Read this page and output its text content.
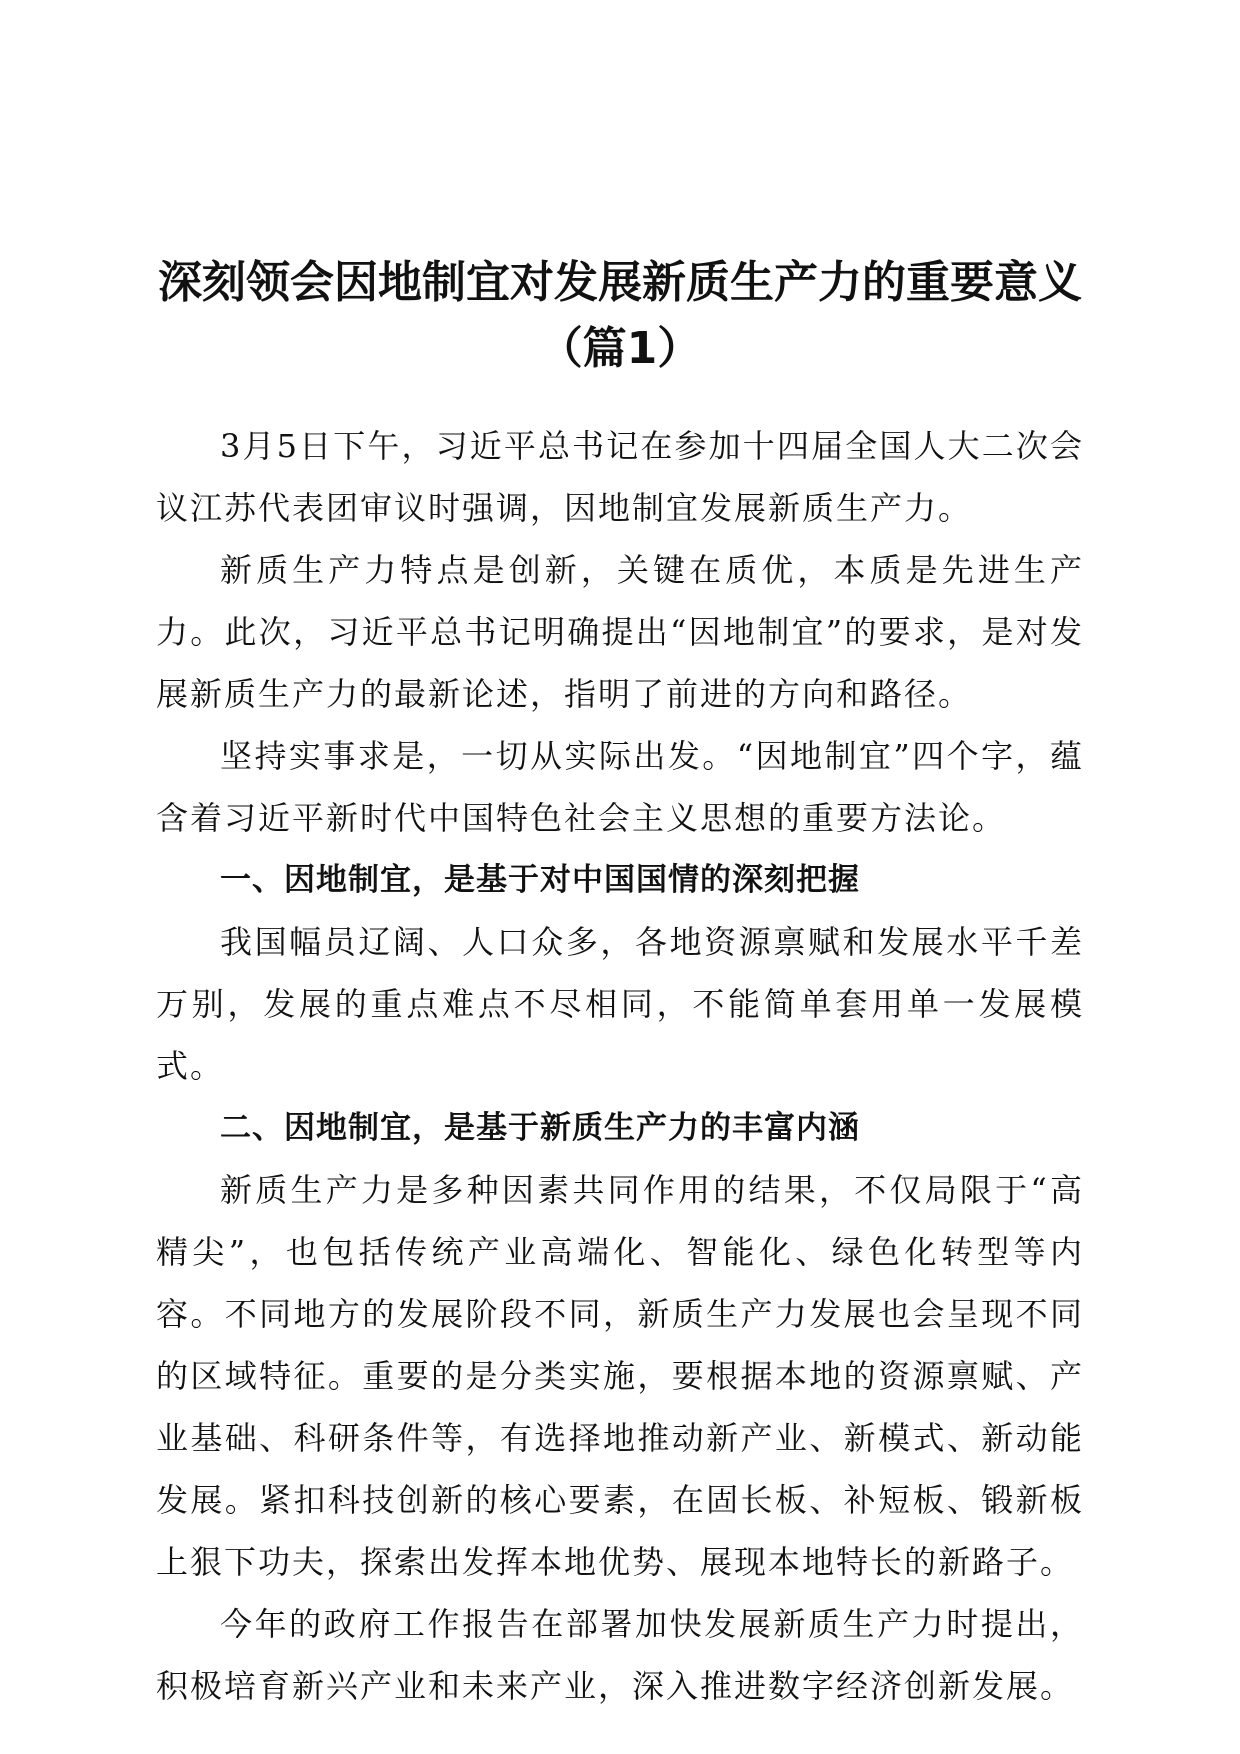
深刻领会因地制宜对发展新质生产力的重要意义（篇1）

3月5日下午，习近平总书记在参加十四届全国人大二次会议江苏代表团审议时强调，因地制宜发展新质生产力。

新质生产力特点是创新，关键在质优，本质是先进生产力。此次，习近平总书记明确提出“因地制宜”的要求，是对发展新质生产力的最新论述，指明了前进的方向和路径。

坚持实事求是，一切从实际出发。“因地制宜”四个字，蕴含着习近平新时代中国特色社会主义思想的重要方法论。

一、因地制宜，是基于对中国国情的深刻把握

我国幅员辽阔、人口众多，各地资源禀赋和发展水平千差万别，发展的重点难点不尽相同，不能简单套用单一发展模式。

二、因地制宜，是基于新质生产力的丰富内涵

新质生产力是多种因素共同作用的结果，不仅局限于“高精尖”，也包括传统产业高端化、智能化、绿色化转型等内容。不同地方的发展阶段不同，新质生产力发展也会呈现不同的区域特征。重要的是分类实施，要根据本地的资源禀赋、产业基础、科研条件等，有选择地推动新产业、新模式、新动能发展。紧扣科技创新的核心要素，在固长板、补短板、锻新板上狠下功夫，探索出发挥本地优势、展现本地特长的新路子。

今年的政府工作报告在部署加快发展新质生产力时提出，积极培育新兴产业和未来产业，深入推进数字经济创新发展。
